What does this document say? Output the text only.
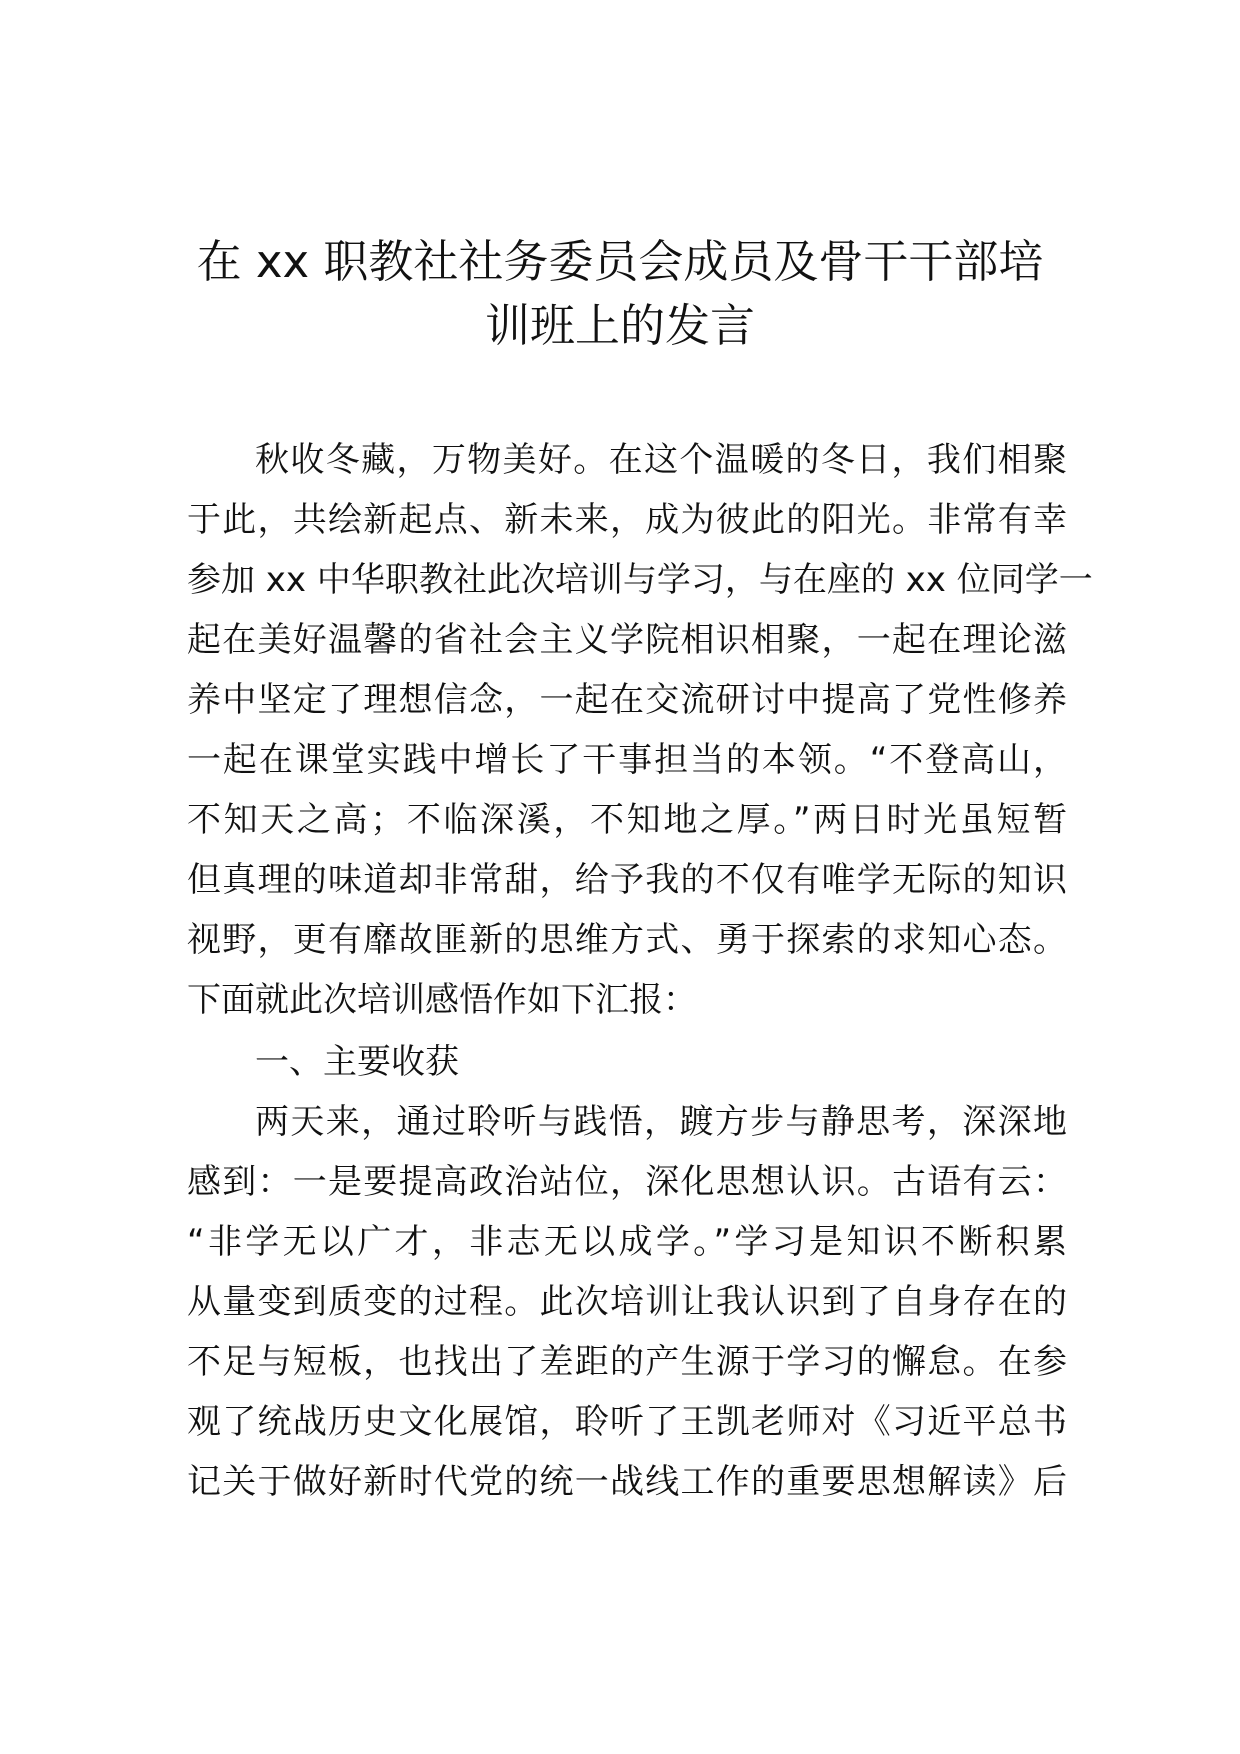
在 xx 职教社社务委员会成员及骨干干部培
训班上的发言
秋收冬藏，万物美好。在这个温暖的冬日，我们相聚
于此，共绘新起点、新未来，成为彼此的阳光。非常有幸
参加 xx 中华职教社此次培训与学习，与在座的 xx 位同学一
起在美好温馨的省社会主义学院相识相聚，一起在理论滋
养中坚定了理想信念，一起在交流研讨中提高了党性修养
一起在课堂实践中增长了干事担当的本领。“不登高山，
不知天之高；不临深溪，不知地之厚。”两日时光虽短暂
但真理的味道却非常甜，给予我的不仅有唯学无际的知识
视野，更有靡故匪新的思维方式、勇于探索的求知心态。
下面就此次培训感悟作如下汇报：
一、主要收获
两天来，通过聆听与践悟，踱方步与静思考，深深地
感到：一是要提高政治站位，深化思想认识。古语有云：
“非学无以广才，非志无以成学。”学习是知识不断积累
从量变到质变的过程。此次培训让我认识到了自身存在的
不足与短板，也找出了差距的产生源于学习的懈怠。在参
观了统战历史文化展馆，聆听了王凯老师对《习近平总书
记关于做好新时代党的统一战线工作的重要思想解读》后
